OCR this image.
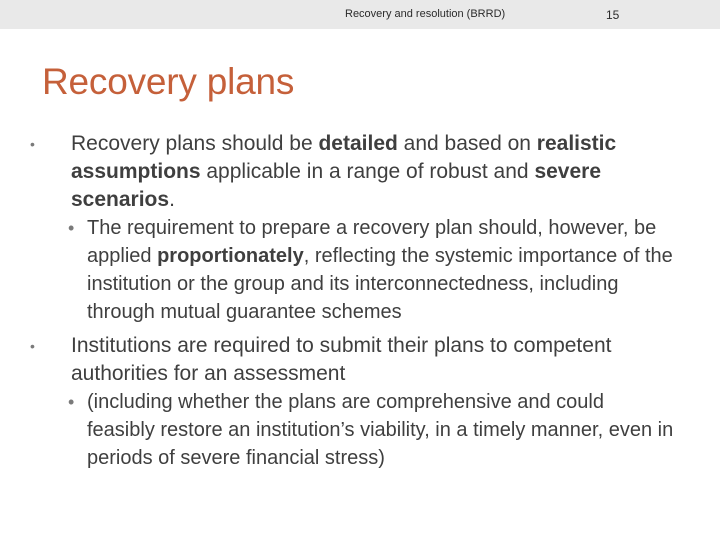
Recovery and resolution (BRRD)	15
Recovery plans
• Recovery plans should be detailed and based on realistic assumptions applicable in a range of robust and severe scenarios.
• The requirement to prepare a recovery plan should, however, be applied proportionately, reflecting the systemic importance of the institution or the group and its interconnectedness, including through mutual guarantee schemes
• Institutions are required to submit their plans to competent authorities for an assessment
• (including whether the plans are comprehensive and could feasibly restore an institution’s viability, in a timely manner, even in periods of severe financial stress)
